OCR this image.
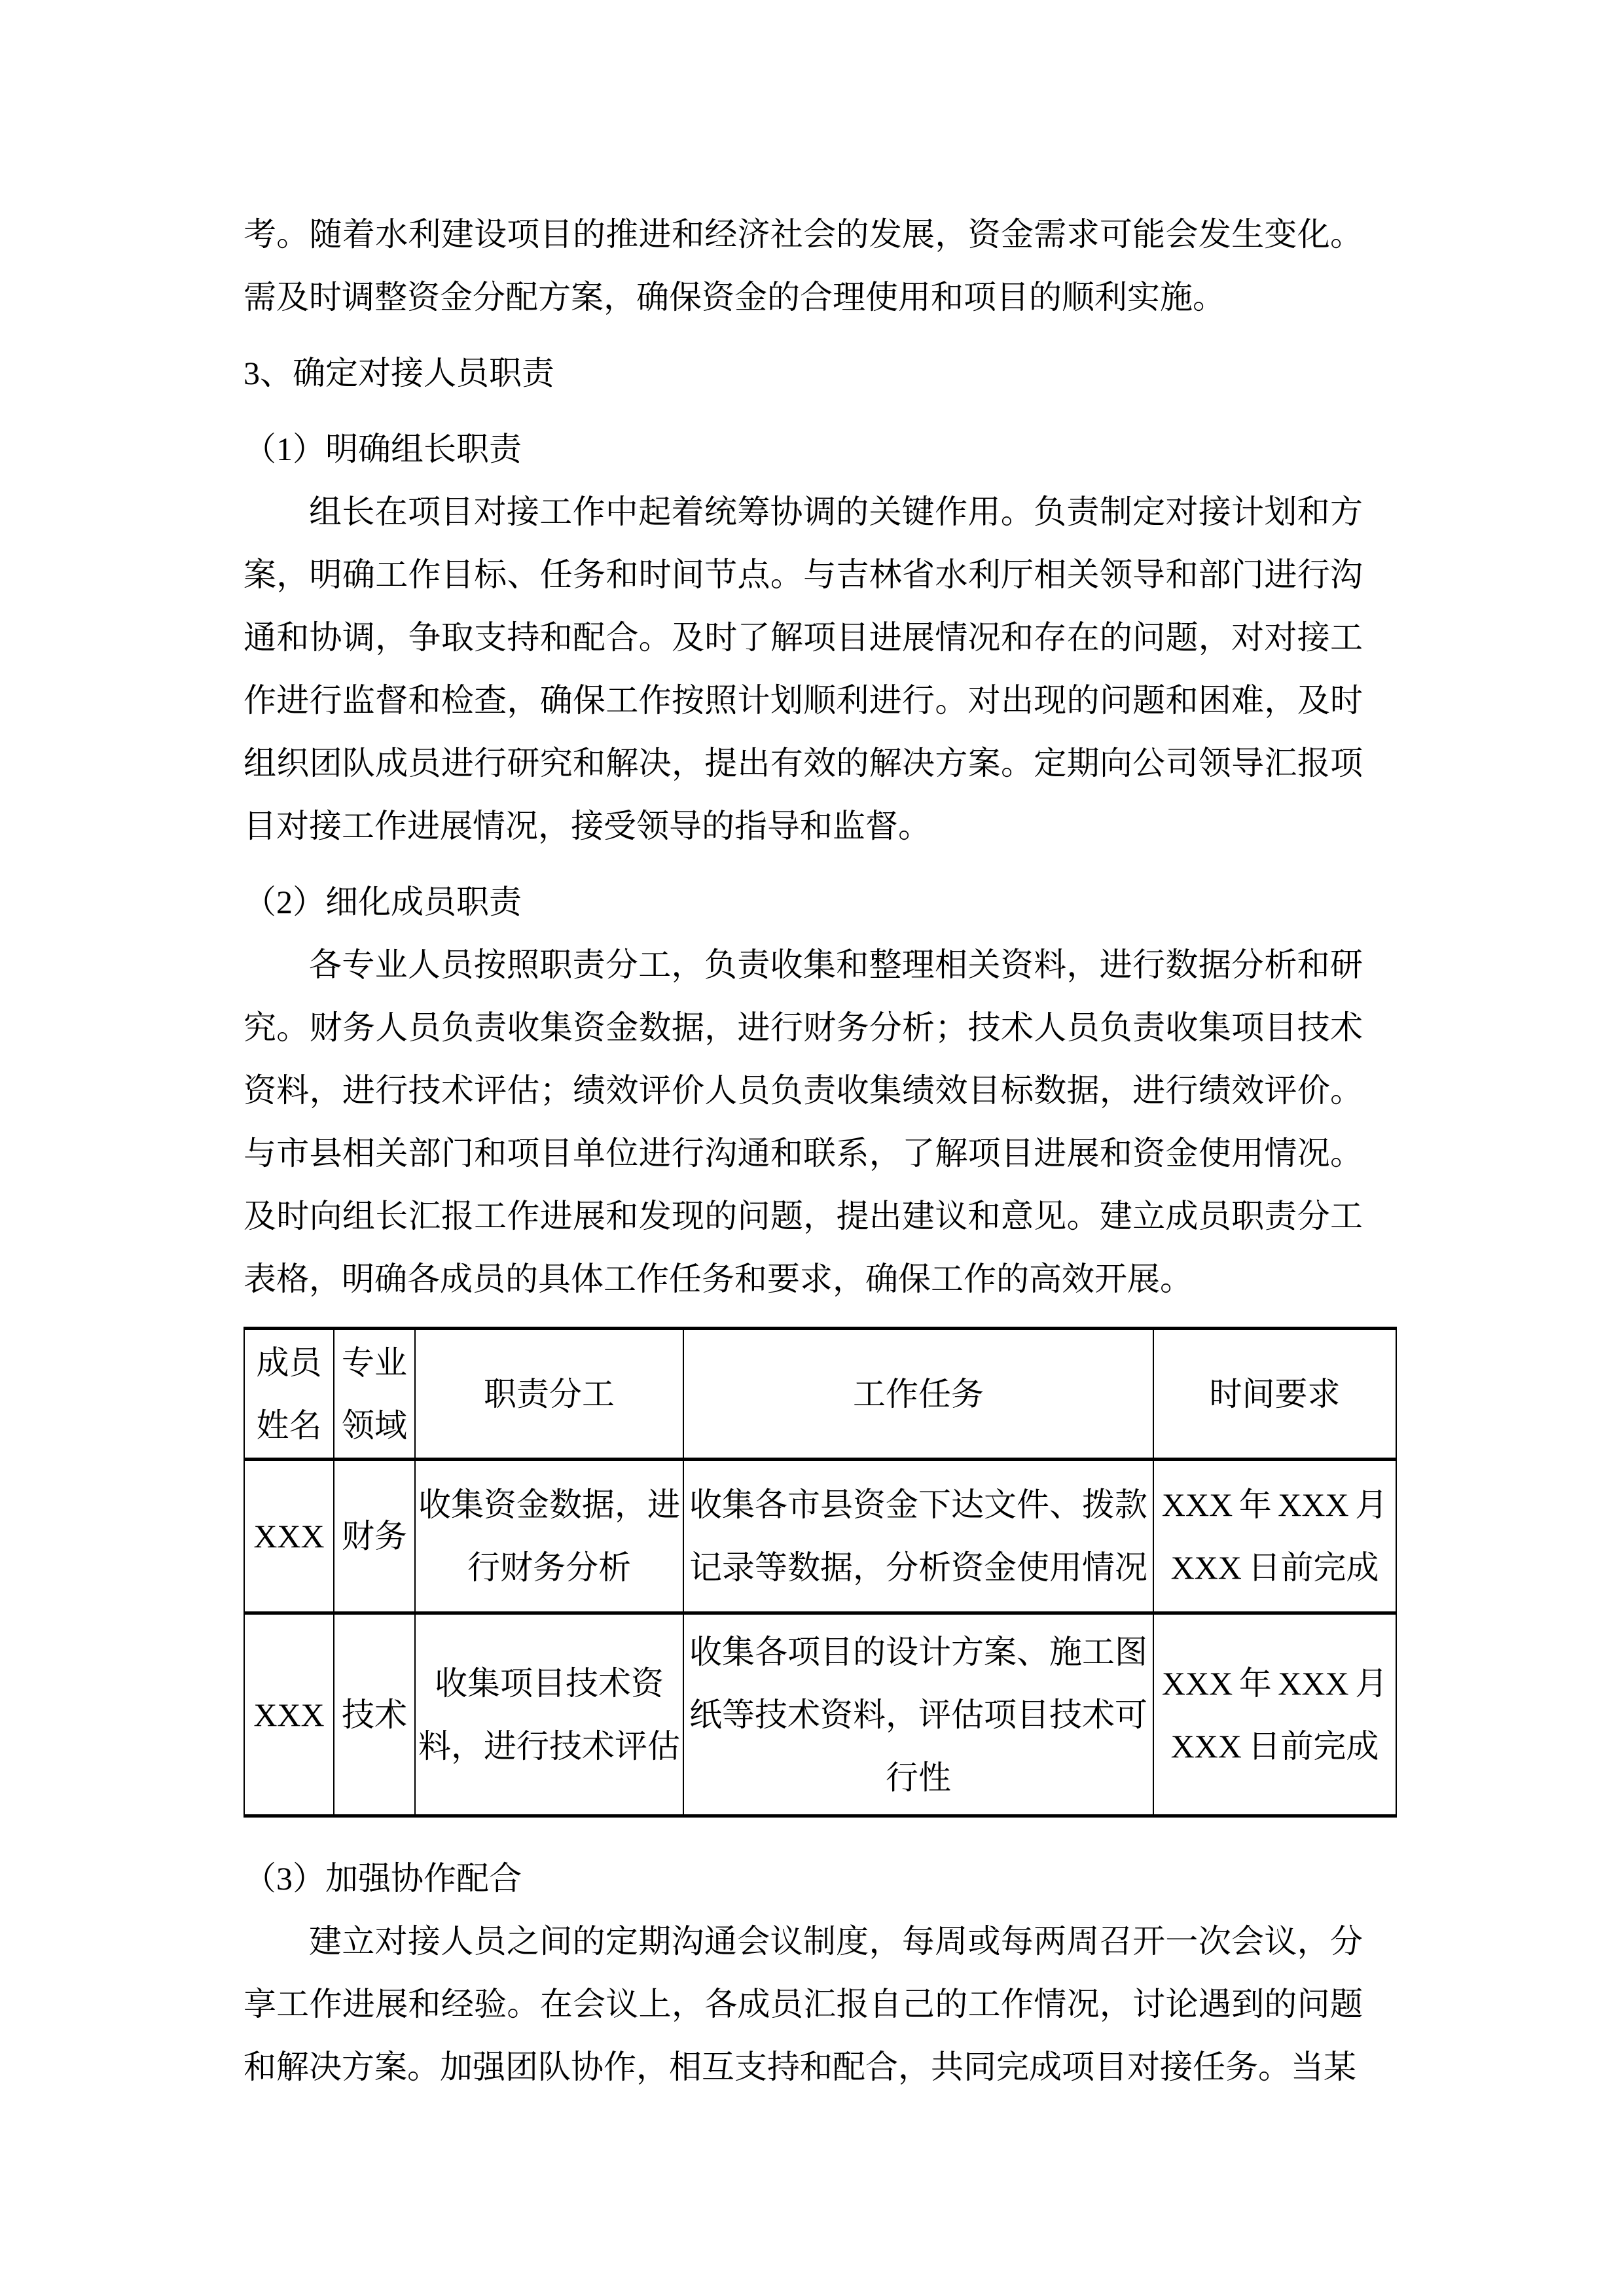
考。随着水利建设项目的推进和经济社会的发展，资金需求可能会发生变化。需及时调整资金分配方案，确保资金的合理使用和项目的顺利实施。

3、确定对接人员职责
（1）明确组长职责

组长在项目对接工作中起着统筹协调的关键作用。负责制定对接计划和方案，明确工作目标、任务和时间节点。与吉林省水利厅相关领导和部门进行沟通和协调，争取支持和配合。及时了解项目进展情况和存在的问题，对对接工作进行监督和检查，确保工作按照计划顺利进行。对出现的问题和困难，及时组织团队成员进行研究和解决，提出有效的解决方案。定期向公司领导汇报项目对接工作进展情况，接受领导的指导和监督。

（2）细化成员职责

各专业人员按照职责分工，负责收集和整理相关资料，进行数据分析和研究。财务人员负责收集资金数据，进行财务分析；技术人员负责收集项目技术资料，进行技术评估；绩效评价人员负责收集绩效目标数据，进行绩效评价。与市县相关部门和项目单位进行沟通和联系，了解项目进展和资金使用情况。及时向组长汇报工作进展和发现的问题，提出建议和意见。建立成员职责分工表格，明确各成员的具体工作任务和要求，确保工作的高效开展。

成员姓名	专业领域	职责分工	工作任务	时间要求
XXX	财务	收集资金数据，进行财务分析	收集各市县资金下达文件、拨款记录等数据，分析资金使用情况	XXX 年 XXX 月 XXX 日前完成
XXX	技术	收集项目技术资料，进行技术评估	收集各项目的设计方案、施工图纸等技术资料，评估项目技术可行性	XXX 年 XXX 月 XXX 日前完成
（3）加强协作配合

建立对接人员之间的定期沟通会议制度，每周或每两周召开一次会议，分享工作进展和经验。在会议上，各成员汇报自己的工作情况，讨论遇到的问题和解决方案。加强团队协作，相互支持和配合，共同完成项目对接任务。当某
